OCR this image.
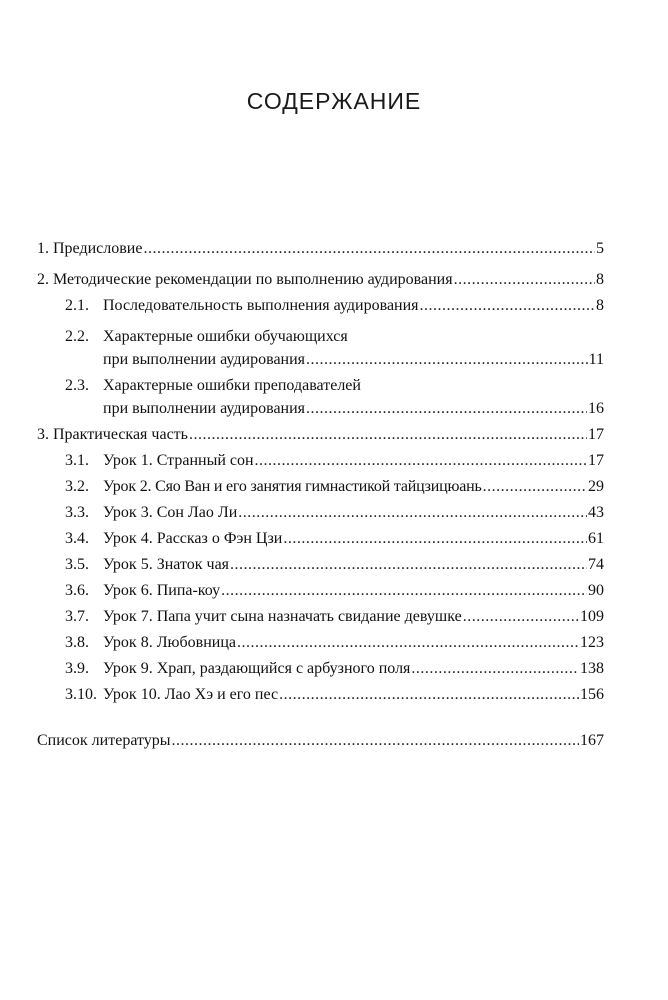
СОДЕРЖАНИЕ
1. Предисловие .....	5
2. Методические рекомендации по выполнению аудирования .....	8
2.1. Последовательность выполнения аудирования .....	8
2.2. Характерные ошибки обучающихся
при выполнении аудирования .....	11
2.3. Характерные ошибки преподавателей
при выполнении аудирования .....	16
3. Практическая часть .....	17
3.1. Урок 1. Странный сон .....	17
3.2. Урок 2. Сяо Ван и его занятия гимнастикой тайцзицюань .....	29
3.3. Урок 3. Сон Лао Ли .....	43
3.4. Урок 4. Рассказ о Фэн Цзи .....	61
3.5. Урок 5. Знаток чая .....	74
3.6. Урок 6. Пипа-коу .....	90
3.7. Урок 7. Папа учит сына назначать свидание девушке .....	109
3.8. Урок 8. Любовница .....	123
3.9. Урок 9. Храп, раздающийся с арбузного поля .....	138
3.10. Урок 10. Лао Хэ и его пес .....	156
Список литературы .....	167
